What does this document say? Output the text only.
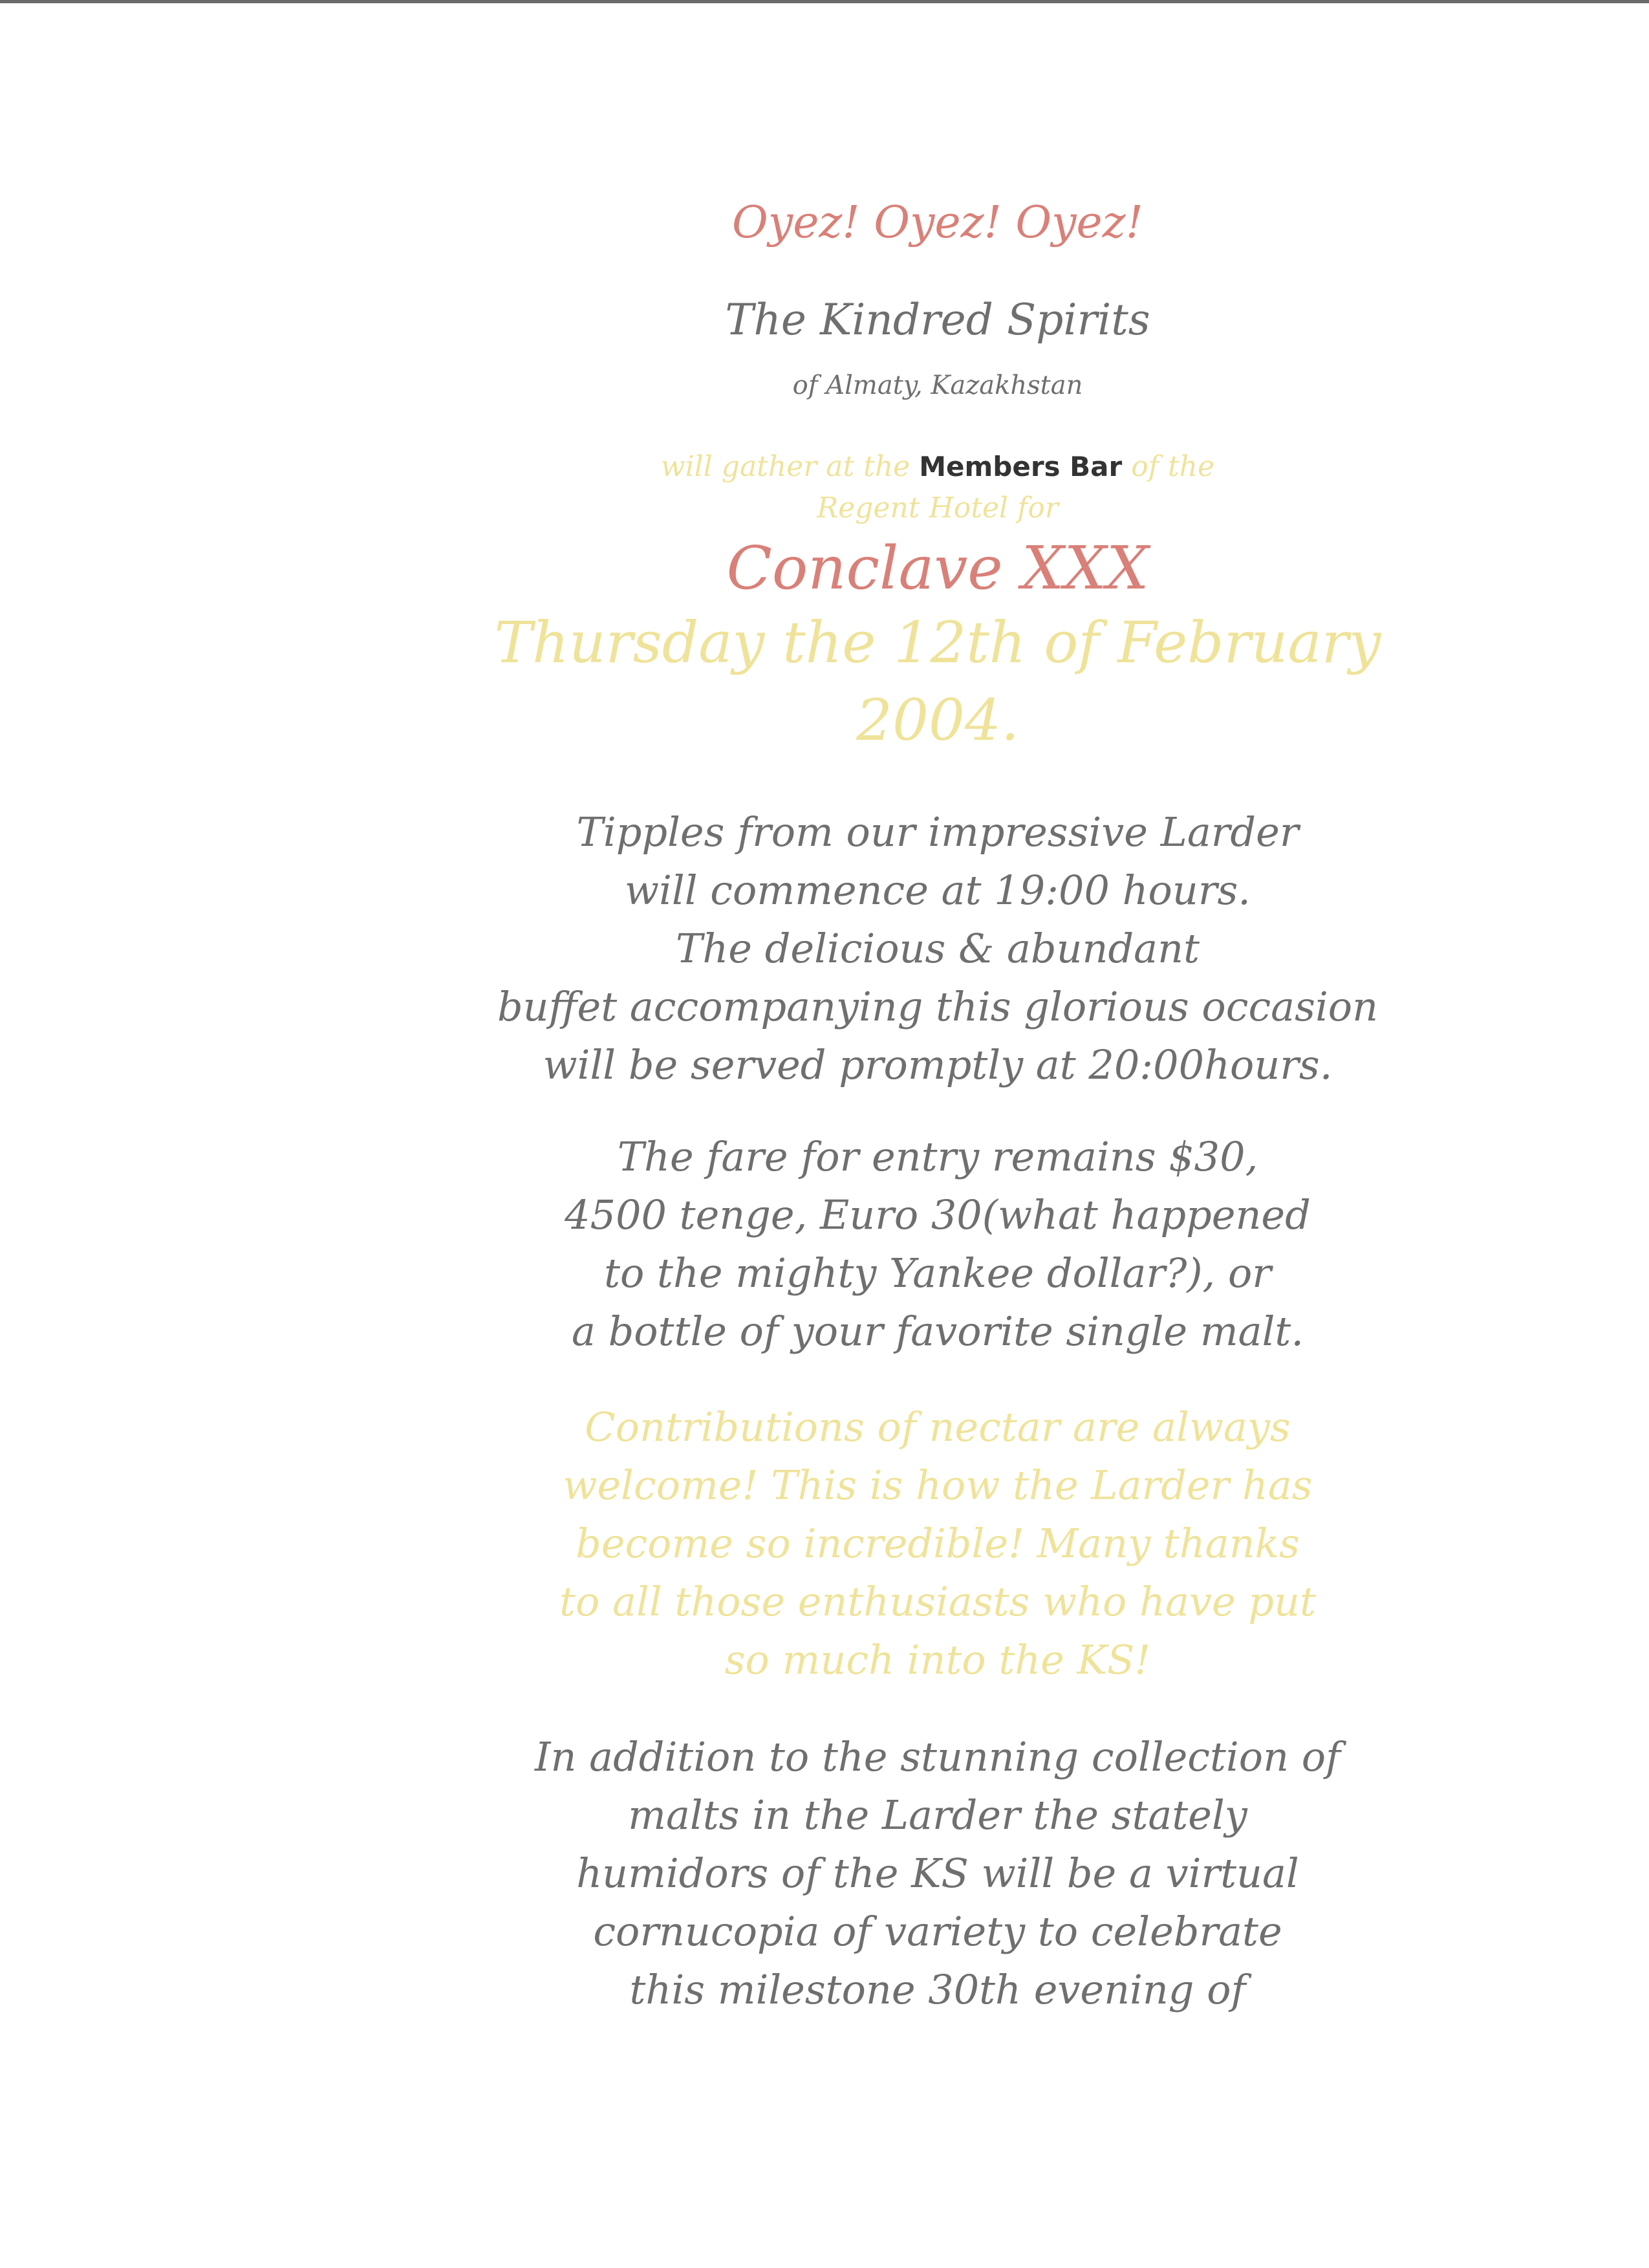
Oyez! Oyez! Oyez!

The Kindred Spirits

of Almaty, Kazakhstan

will gather at the Members Bar of the
Regent Hotel for

Conclave XXX

Thursday the 12th of February
2004.

Tipples from our impressive Larder
will commence at 19:00 hours.
The delicious & abundant
buffet accompanying this glorious occasion
will be served promptly at 20:00hours.

The fare for entry remains $30,
4500 tenge, Euro 30(what happened
to the mighty Yankee dollar?), or
a bottle of your favorite single malt.

Contributions of nectar are always
welcome! This is how the Larder has
become so incredible! Many thanks
to all those enthusiasts who have put
so much into the KS!

In addition to the stunning collection of
malts in the Larder the stately
humidors of the KS will be a virtual
cornucopia of variety to celebrate
this milestone 30th evening of
